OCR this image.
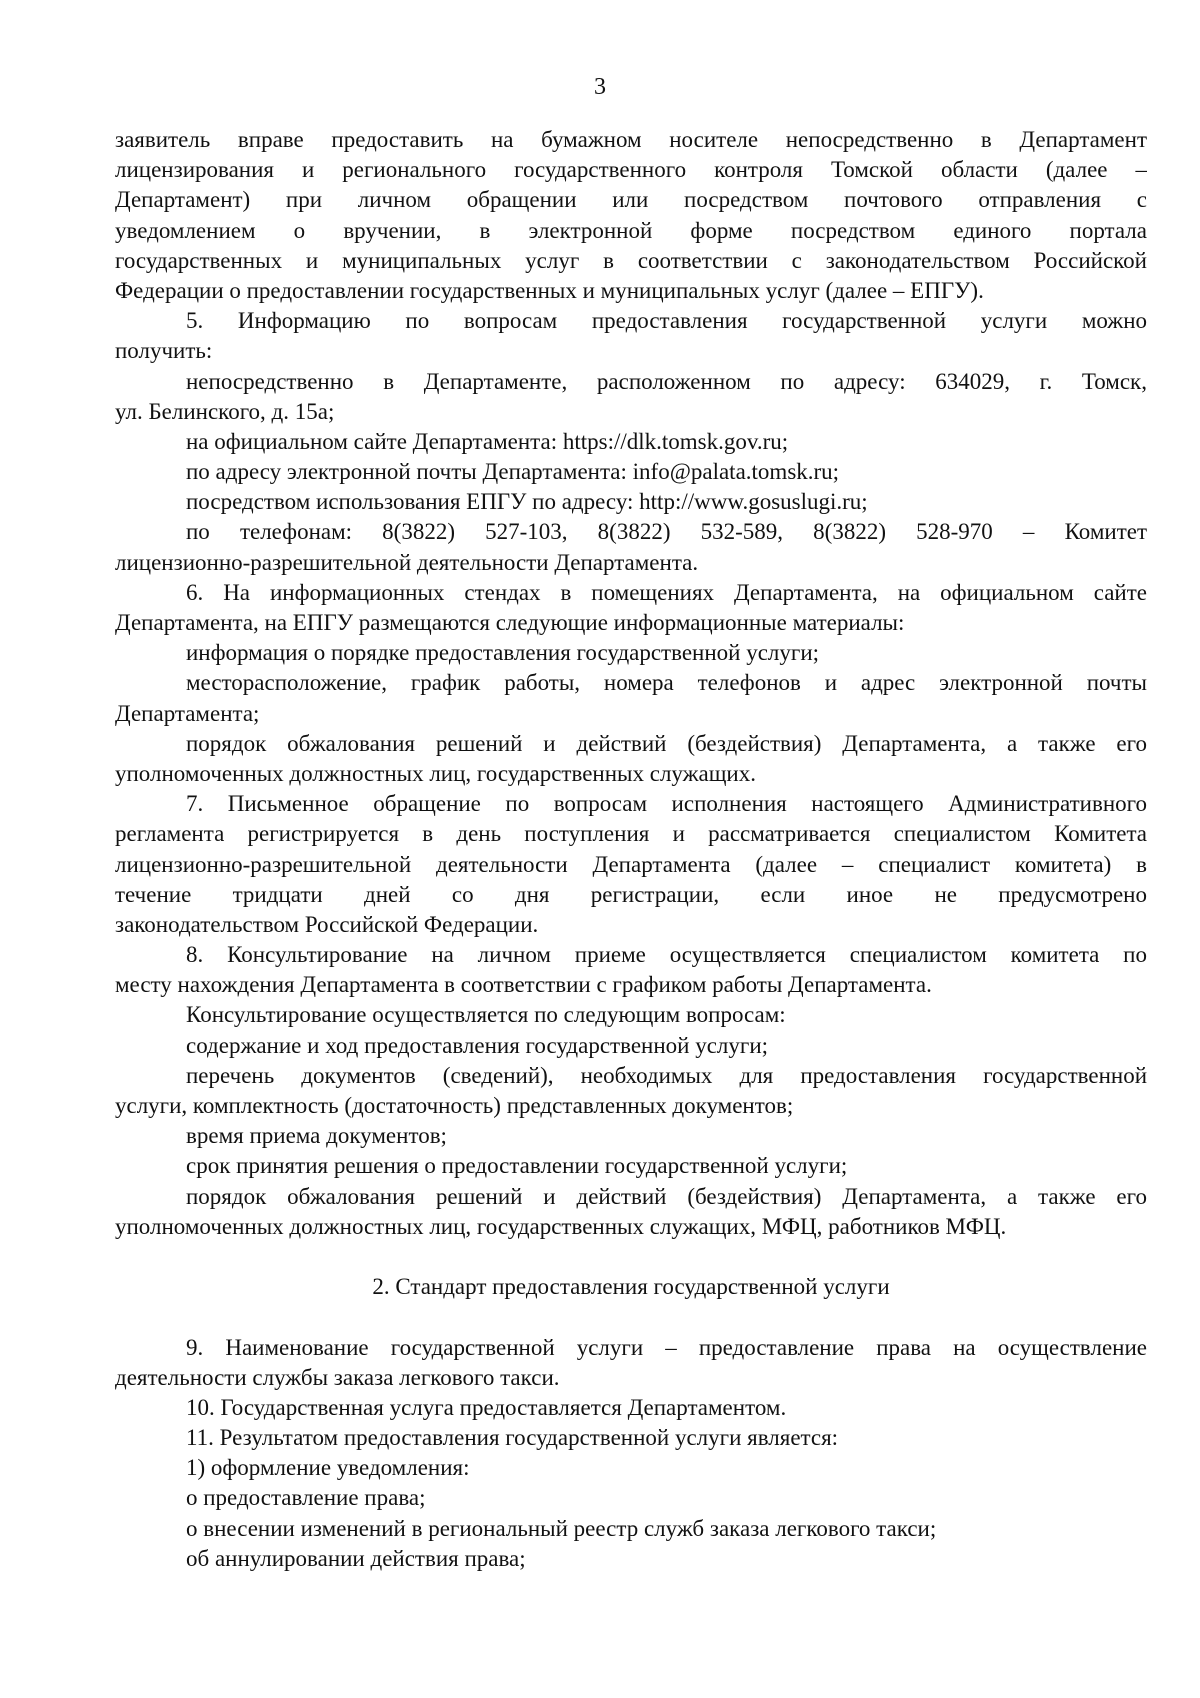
3
заявитель вправе предоставить на бумажном носителе непосредственно в Департамент
лицензирования и регионального государственного контроля Томской области (далее –
Департамент) при личном обращении или посредством почтового отправления с
уведомлением о вручении, в электронной форме посредством единого портала
государственных и муниципальных услуг в соответствии с законодательством Российской
Федерации о предоставлении государственных и муниципальных услуг (далее – ЕПГУ).
5. Информацию по вопросам предоставления государственной услуги можно
получить:
непосредственно в Департаменте, расположенном по адресу: 634029, г. Томск,
ул. Белинского, д. 15а;
на официальном сайте Департамента: https://dlk.tomsk.gov.ru;
по адресу электронной почты Департамента: info@palata.tomsk.ru;
посредством использования ЕПГУ по адресу: http://www.gosuslugi.ru;
по телефонам: 8(3822) 527-103, 8(3822) 532-589, 8(3822) 528-970 – Комитет
лицензионно-разрешительной деятельности Департамента.
6. На информационных стендах в помещениях Департамента, на официальном сайте
Департамента, на ЕПГУ размещаются следующие информационные материалы:
информация о порядке предоставления государственной услуги;
месторасположение, график работы, номера телефонов и адрес электронной почты
Департамента;
порядок обжалования решений и действий (бездействия) Департамента, а также его
уполномоченных должностных лиц, государственных служащих.
7. Письменное обращение по вопросам исполнения настоящего Административного
регламента регистрируется в день поступления и рассматривается специалистом Комитета
лицензионно-разрешительной деятельности Департамента (далее – специалист комитета) в
течение тридцати дней со дня регистрации, если иное не предусмотрено
законодательством Российской Федерации.
8. Консультирование на личном приеме осуществляется специалистом комитета по
месту нахождения Департамента в соответствии с графиком работы Департамента.
Консультирование осуществляется по следующим вопросам:
содержание и ход предоставления государственной услуги;
перечень документов (сведений), необходимых для предоставления государственной
услуги, комплектность (достаточность) представленных документов;
время приема документов;
срок принятия решения о предоставлении государственной услуги;
порядок обжалования решений и действий (бездействия) Департамента, а также его
уполномоченных должностных лиц, государственных служащих, МФЦ, работников МФЦ.
2. Стандарт предоставления государственной услуги
9. Наименование государственной услуги – предоставление права на осуществление
деятельности службы заказа легкового такси.
10. Государственная услуга предоставляется Департаментом.
11. Результатом предоставления государственной услуги является:
1) оформление уведомления:
о предоставление права;
о внесении изменений в региональный реестр служб заказа легкового такси;
об аннулировании действия права;
